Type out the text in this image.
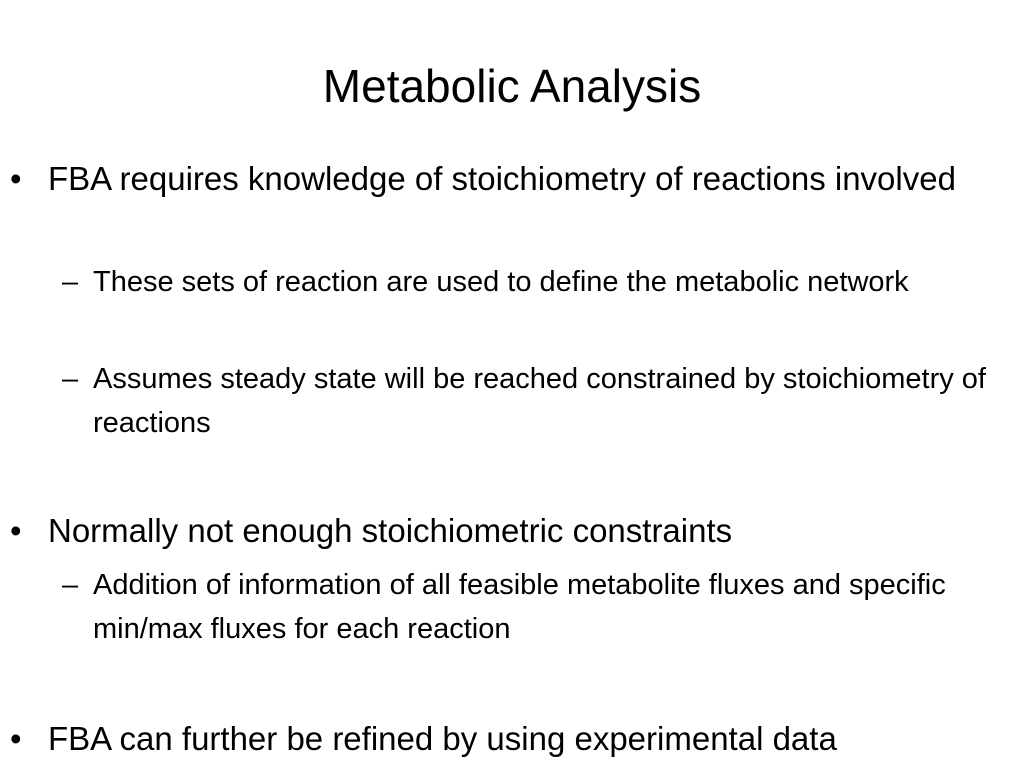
Metabolic Analysis
• FBA requires knowledge of stoichiometry of reactions involved
– These sets of reaction are used to define the metabolic network
– Assumes steady state will be reached constrained by stoichiometry of reactions
• Normally not enough stoichiometric constraints
– Addition of information of all feasible metabolite fluxes and specific min/max fluxes for each reaction
• FBA can further be refined by using experimental data
